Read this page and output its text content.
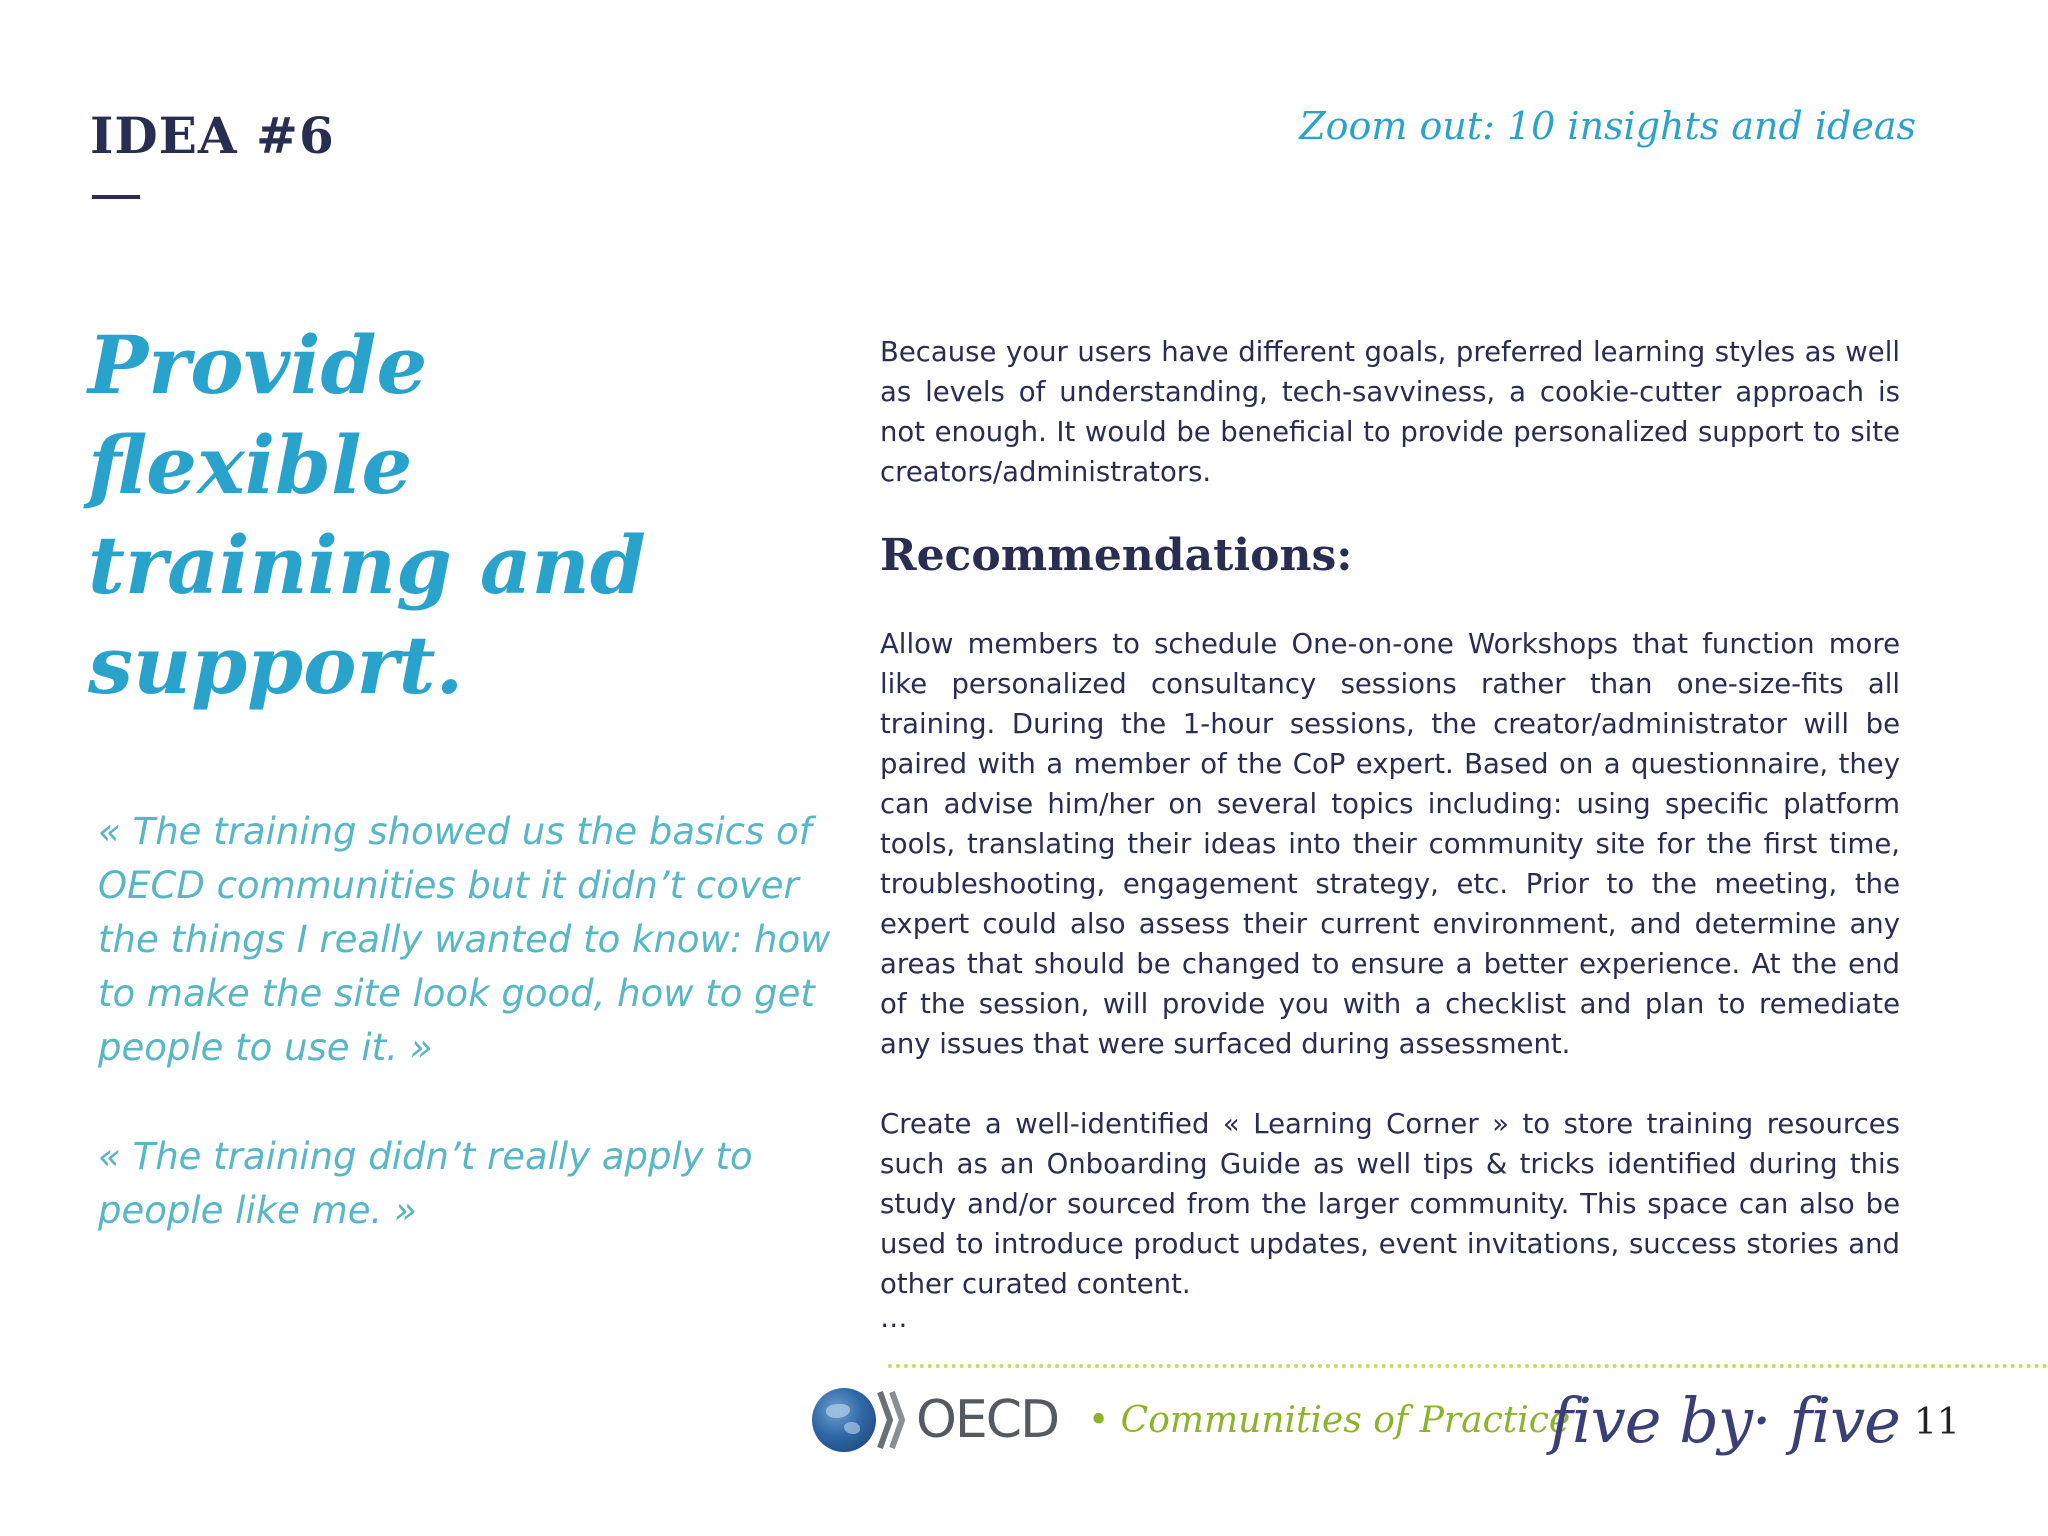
IDEA #6	Zoom out: 10 insights and ideas

Provide flexible training and support.

« The training showed us the basics of OECD communities but it didn’t cover the things I really wanted to know: how to make the site look good, how to get people to use it. »

« The training didn’t really apply to people like me. »

Because your users have different goals, preferred learning styles as well as levels of understanding, tech-savviness, a cookie-cutter approach is not enough. It would be beneficial to provide personalized support to site creators/administrators.

Recommendations:

Allow members to schedule One-on-one Workshops that function more like personalized consultancy sessions rather than one-size-fits all training. During the 1-hour sessions, the creator/administrator will be paired with a member of the CoP expert. Based on a questionnaire, they can advise him/her on several topics including: using specific platform tools, translating their ideas into their community site for the first time, troubleshooting, engagement strategy, etc. Prior to the meeting, the expert could also assess their current environment, and determine any areas that should be changed to ensure a better experience. At the end of the session, will provide you with a checklist and plan to remediate any issues that were surfaced during assessment.

Create a well-identified « Learning Corner » to store training resources such as an Onboarding Guide as well tips & tricks identified during this study and/or sourced from the larger community. This space can also be used to introduce product updates, event invitations, success stories and other curated content.

…

OECD • Communities of Practice

five by· five 11
